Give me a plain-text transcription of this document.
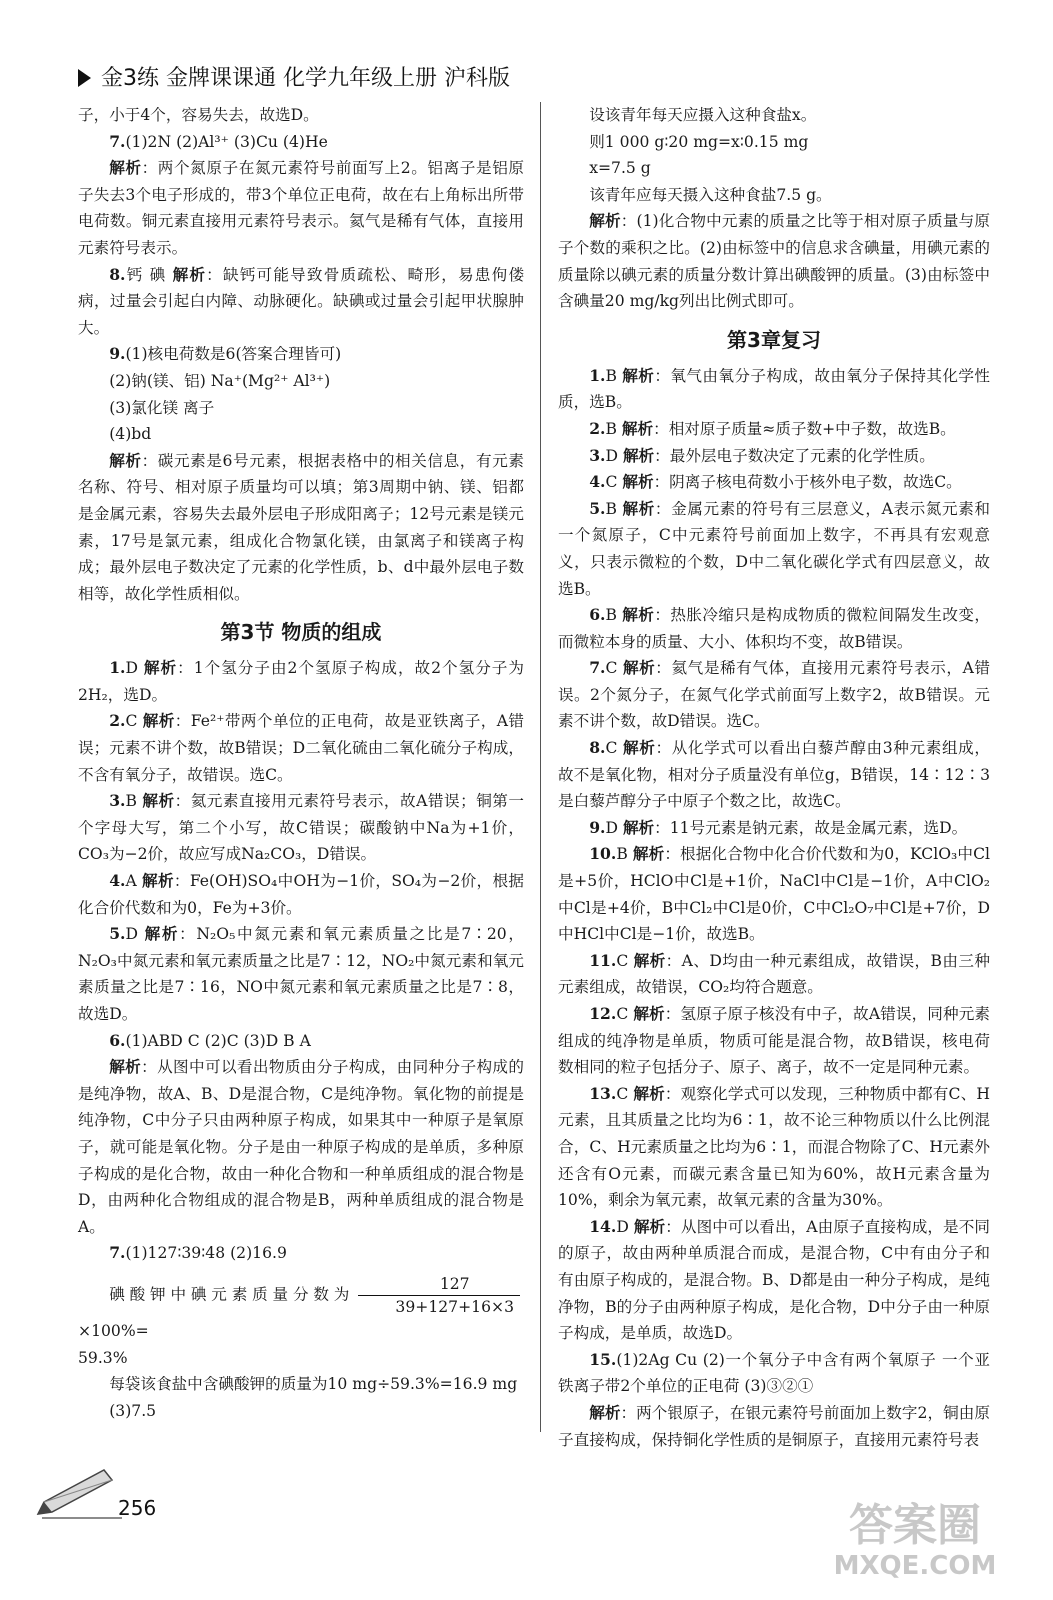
金3练 金牌课课通 化学九年级上册 沪科版

子，小于4个，容易失去，故选D。

7.(1)2N (2)Al³⁺ (3)Cu (4)He

解析：两个氮原子在氮元素符号前面写上2。铝离子是铝原子失去3个电子形成的，带3个单位正电荷，故在右上角标出所带电荷数。铜元素直接用元素符号表示。氦气是稀有气体，直接用元素符号表示。

8.钙 碘 解析：缺钙可能导致骨质疏松、畸形，易患佝偻病，过量会引起白内障、动脉硬化。缺碘或过量会引起甲状腺肿大。

9.(1)核电荷数是6(答案合理皆可)

(2)钠(镁、铝) Na⁺(Mg²⁺ Al³⁺)

(3)氯化镁 离子

(4)bd

解析：碳元素是6号元素，根据表格中的相关信息，有元素名称、符号、相对原子质量均可以填；第3周期中钠、镁、铝都是金属元素，容易失去最外层电子形成阳离子；12号元素是镁元素，17号是氯元素，组成化合物氯化镁，由氯离子和镁离子构成；最外层电子数决定了元素的化学性质，b、d中最外层电子数相等，故化学性质相似。

第3节 物质的组成

1.D 解析：1个氢分子由2个氢原子构成，故2个氢分子为2H₂，选D。

2.C 解析：Fe²⁺带两个单位的正电荷，故是亚铁离子，A错误；元素不讲个数，故B错误；D二氧化硫由二氧化硫分子构成，不含有氧分子，故错误。选C。

3.B 解析：氦元素直接用元素符号表示，故A错误；铜第一个字母大写，第二个小写，故C错误；碳酸钠中Na为+1价，CO₃为−2价，故应写成Na₂CO₃，D错误。

4.A 解析：Fe(OH)SO₄中OH为−1价，SO₄为−2价，根据化合价代数和为0，Fe为+3价。

5.D 解析：N₂O₅中氮元素和氧元素质量之比是7∶20，N₂O₃中氮元素和氧元素质量之比是7∶12，NO₂中氮元素和氧元素质量之比是7∶16，NO中氮元素和氧元素质量之比是7∶8，故选D。

6.(1)ABD C (2)C (3)D B A

解析：从图中可以看出物质由分子构成，由同种分子构成的是纯净物，故A、B、D是混合物，C是纯净物。氧化物的前提是纯净物，C中分子只由两种原子构成，如果其中一种原子是氧原子，就可能是氧化物。分子是由一种原子构成的是单质，多种原子构成的是化合物，故由一种化合物和一种单质组成的混合物是D，由两种化合物组成的混合物是B，两种单质组成的混合物是A。

7.(1)127∶39∶48 (2)16.9

碘酸钾中碘元素质量分数为 $\frac{127}{39+127+16\times 3}$
×100%=

59.3%

每袋该食盐中含碘酸钾的质量为10 mg÷59.3%=16.9 mg

(3)7.5

设该青年每天应摄入这种食盐x。

则1 000 g∶20 mg=x∶0.15 mg

x=7.5 g

该青年应每天摄入这种食盐7.5 g。

解析：(1)化合物中元素的质量之比等于相对原子质量与原子个数的乘积之比。(2)由标签中的信息求含碘量，用碘元素的质量除以碘元素的质量分数计算出碘酸钾的质量。(3)由标签中含碘量20 mg/kg列出比例式即可。

第3章复习

1.B 解析：氧气由氧分子构成，故由氧分子保持其化学性质，选B。

2.B 解析：相对原子质量≈质子数+中子数，故选B。

3.D 解析：最外层电子数决定了元素的化学性质。

4.C 解析：阴离子核电荷数小于核外电子数，故选C。

5.B 解析：金属元素的符号有三层意义，A表示氮元素和一个氮原子，C中元素符号前面加上数字，不再具有宏观意义，只表示微粒的个数，D中二氧化碳化学式有四层意义，故选B。

6.B 解析：热胀冷缩只是构成物质的微粒间隔发生改变，而微粒本身的质量、大小、体积均不变，故B错误。

7.C 解析：氦气是稀有气体，直接用元素符号表示，A错误。2个氮分子，在氮气化学式前面写上数字2，故B错误。元素不讲个数，故D错误。选C。

8.C 解析：从化学式可以看出白藜芦醇由3种元素组成，故不是氧化物，相对分子质量没有单位g，B错误，14∶12∶3是白藜芦醇分子中原子个数之比，故选C。

9.D 解析：11号元素是钠元素，故是金属元素，选D。

10.B 解析：根据化合物中化合价代数和为0，KClO₃中Cl是+5价，HClO中Cl是+1价，NaCl中Cl是−1价，A中ClO₂中Cl是+4价，B中Cl₂中Cl是0价，C中Cl₂O₇中Cl是+7价，D中HCl中Cl是−1价，故选B。

11.C 解析：A、D均由一种元素组成，故错误，B由三种元素组成，故错误，CO₂均符合题意。

12.C 解析：氢原子原子核没有中子，故A错误，同种元素组成的纯净物是单质，物质可能是混合物，故B错误，核电荷数相同的粒子包括分子、原子、离子，故不一定是同种元素。

13.C 解析：观察化学式可以发现，三种物质中都有C、H元素，且其质量之比均为6∶1，故不论三种物质以什么比例混合，C、H元素质量之比均为6∶1，而混合物除了C、H元素外还含有O元素，而碳元素含量已知为60%，故H元素含量为10%，剩余为氧元素，故氧元素的含量为30%。

14.D 解析：从图中可以看出，A由原子直接构成，是不同的原子，故由两种单质混合而成，是混合物，C中有由分子和有由原子构成的，是混合物。B、D都是由一种分子构成，是纯净物，B的分子由两种原子构成，是化合物，D中分子由一种原子构成，是单质，故选D。

15.(1)2Ag Cu (2)一个氧分子中含有两个氧原子 一个亚铁离子带2个单位的正电荷 (3)③②①

解析：两个银原子，在银元素符号前面加上数字2，铜由原子直接构成，保持铜化学性质的是铜原子，直接用元素符号表

256	答案圈
MXQE.COM
